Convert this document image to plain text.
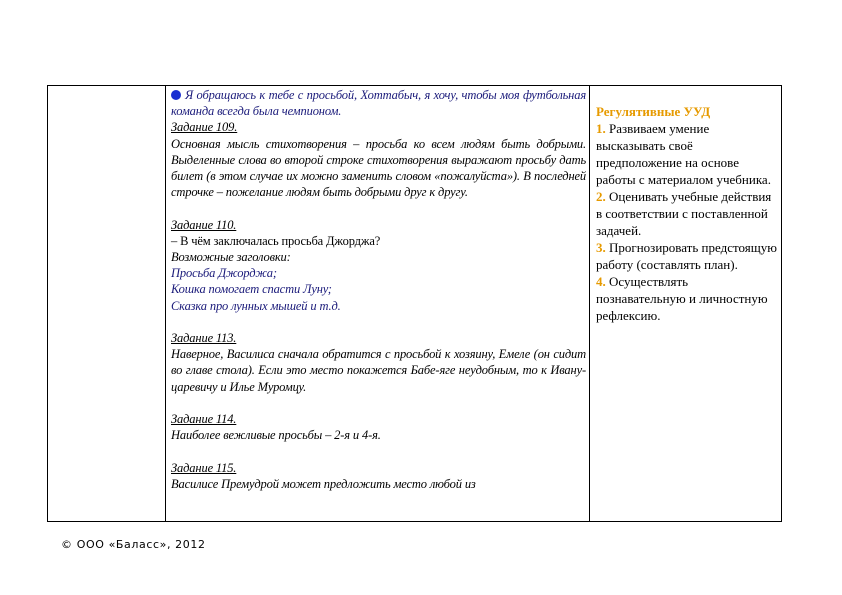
Я обращаюсь к тебе с просьбой, Хоттабыч, я хочу, чтобы моя футбольная команда всегда была чемпионом.

Задание 109.

Основная мысль стихотворения – просьба ко всем людям быть добрыми. Выделенные слова во второй строке стихотворения выражают просьбу дать билет (в этом случае их можно заменить словом «пожалуйста»). В последней строчке – пожелание людям быть добрыми друг к другу.

Задание 110.

– В чём заключалась просьба Джорджа?

Возможные заголовки:

Просьба Джорджа;

Кошка помогает спасти Луну;

Сказка про лунных мышей и т.д.

Задание 113.

Наверное, Василиса сначала обратится с просьбой к хозяину, Емеле (он сидит во главе стола). Если это место покажется Бабе-яге неудобным, то к Ивану-царевичу и Илье Муромцу.

Задание 114.

Наиболее вежливые просьбы – 2-я и 4-я.

Задание 115.

Василисе Премудрой может предложить место любой из

Регулятивные УУД

1. Развиваем умение высказывать своё предположение на основе работы с материалом учебника.

2. Оценивать учебные действия в соответствии с поставленной задачей.

3. Прогнозировать предстоящую работу (составлять план).

4. Осуществлять познавательную и личностную рефлексию.

© ООО «Баласс», 2012
